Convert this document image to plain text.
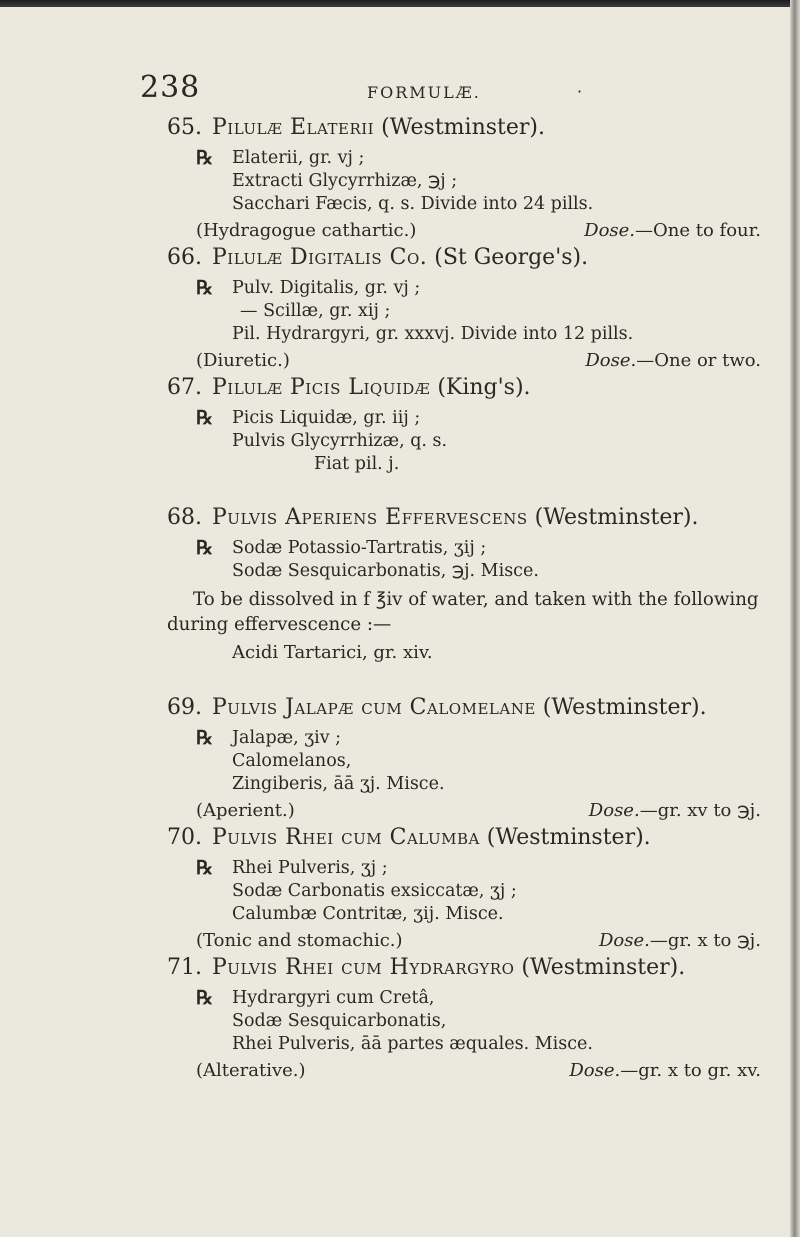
238	FORMULÆ.	·
65. Pilulæ Elaterii (Westminster).
℞ Elaterii, gr. vj ;
Extracti Glycyrrhizæ, ℈j ;
Sacchari Fæcis, q. s. Divide into 24 pills.
(Hydragogue cathartic.)	Dose.—One to four.
66. Pilulæ Digitalis Co. (St George's).
℞ Pulv. Digitalis, gr. vj ;
— Scillæ, gr. xij ;
Pil. Hydrargyri, gr. xxxvj. Divide into 12 pills.
(Diuretic.)	Dose.—One or two.
67. Pilulæ Picis Liquidæ (King's).
℞ Picis Liquidæ, gr. iij ;
Pulvis Glycyrrhizæ, q. s.
Fiat pil. j.
68. Pulvis Aperiens Effervescens (Westminster).
℞ Sodæ Potassio-Tartratis, ʒij ;
Sodæ Sesquicarbonatis, ℈j. Misce.
To be dissolved in f ℥iv of water, and taken with the following
during effervescence :—
Acidi Tartarici, gr. xiv.
69. Pulvis Jalapæ cum Calomelane (Westminster).
℞ Jalapæ, ʒiv ;
Calomelanos,
Zingiberis, āā ʒj. Misce.
(Aperient.)	Dose.—gr. xv to ℈j.
70. Pulvis Rhei cum Calumba (Westminster).
℞ Rhei Pulveris, ʒj ;
Sodæ Carbonatis exsiccatæ, ʒj ;
Calumbæ Contritæ, ʒij. Misce.
(Tonic and stomachic.)	Dose.—gr. x to ℈j.
71. Pulvis Rhei cum Hydrargyro (Westminster).
℞ Hydrargyri cum Cretâ,
Sodæ Sesquicarbonatis,
Rhei Pulveris, āā partes æquales. Misce.
(Alterative.)	Dose.—gr. x to gr. xv.
